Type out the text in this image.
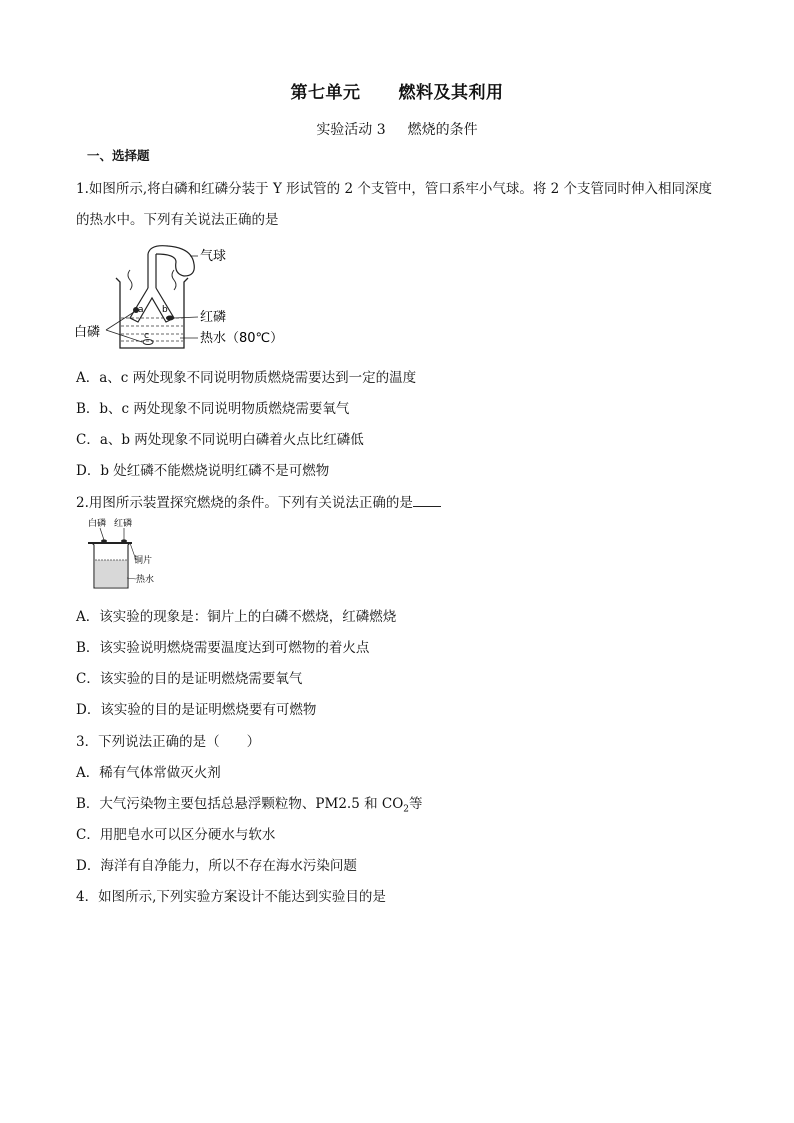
第七单元 燃料及其利用
实验活动 3 燃烧的条件
一、选择题
1.如图所示,将白磷和红磷分装于 Y 形试管的 2 个支管中，管口系牢小气球。将 2 个支管同时伸入相同深度
的热水中。下列有关说法正确的是
a b
c
气球
红磷
白磷	热水（80℃）
A．a、c 两处现象不同说明物质燃烧需要达到一定的温度
B．b、c 两处现象不同说明物质燃烧需要氧气
C．a、b 两处现象不同说明白磷着火点比红磷低
D．b 处红磷不能燃烧说明红磷不是可燃物
2.用图所示装置探究燃烧的条件。下列有关说法正确的是
白磷 红磷
铜片
热水
A．该实验的现象是：铜片上的白磷不燃烧，红磷燃烧
B．该实验说明燃烧需要温度达到可燃物的着火点
C．该实验的目的是证明燃烧需要氧气
D．该实验的目的是证明燃烧要有可燃物
3．下列说法正确的是（　　）
A．稀有气体常做灭火剂
B．大气污染物主要包括总悬浮颗粒物、PM2.5 和 $CO_2$等
C．用肥皂水可以区分硬水与软水
D．海洋有自净能力，所以不存在海水污染问题
4．如图所示,下列实验方案设计不能达到实验目的是
